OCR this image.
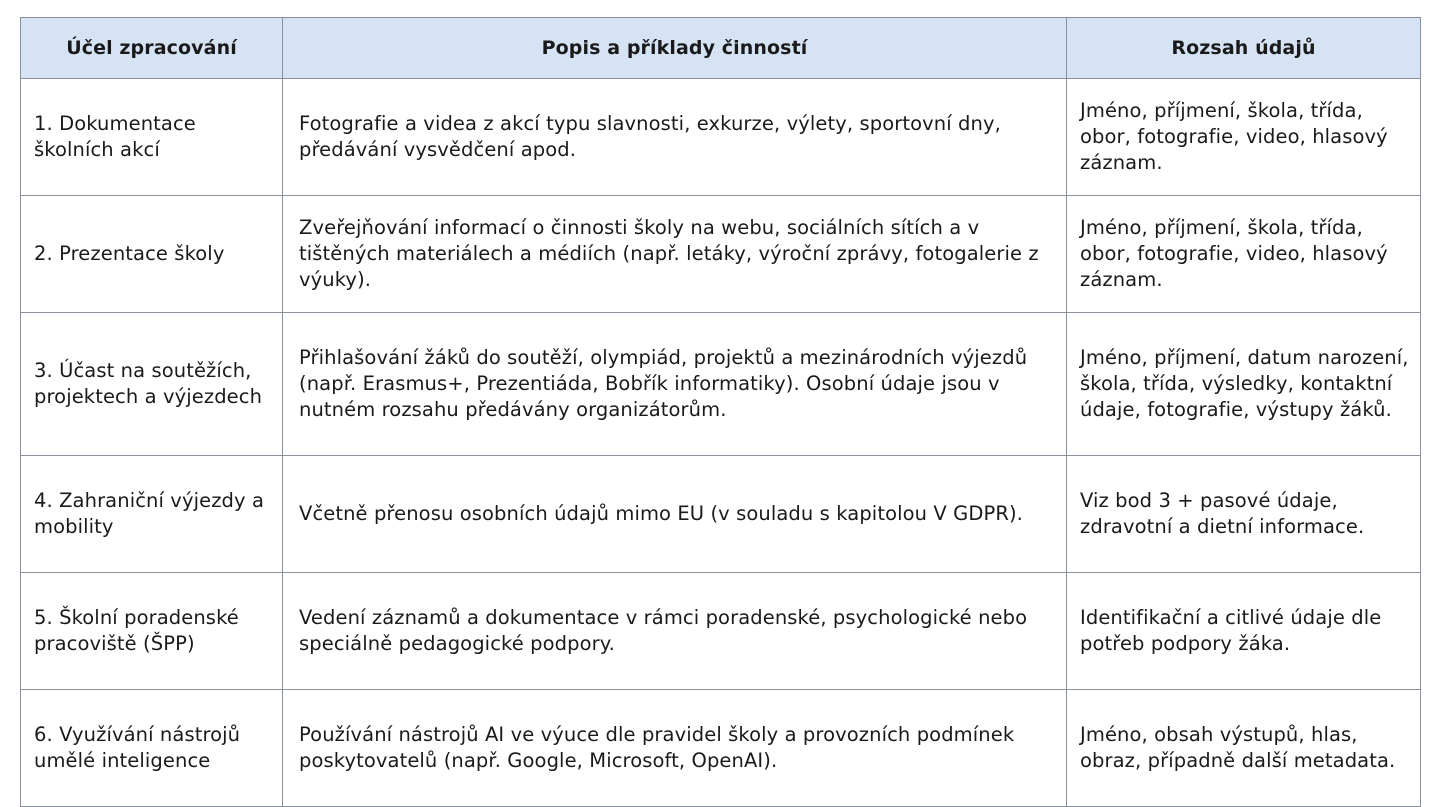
Účel zpracování	Popis a příklady činností	Rozsah údajů
1. Dokumentace školních akcí	Fotografie a videa z akcí typu slavnosti, exkurze, výlety, sportovní dny, předávání vysvědčení apod.	Jméno, příjmení, škola, třída, obor, fotografie, video, hlasový záznam.
2. Prezentace školy	Zveřejňování informací o činnosti školy na webu, sociálních sítích a v tištěných materiálech a médiích (např. letáky, výroční zprávy, fotogalerie z výuky).	Jméno, příjmení, škola, třída, obor, fotografie, video, hlasový záznam.
3. Účast na soutěžích, projektech a výjezdech	Přihlašování žáků do soutěží, olympiád, projektů a mezinárodních výjezdů (např. Erasmus+, Prezentiáda, Bobřík informatiky). Osobní údaje jsou v nutném rozsahu předávány organizátorům.	Jméno, příjmení, datum narození, škola, třída, výsledky, kontaktní údaje, fotografie, výstupy žáků.
4. Zahraniční výjezdy a mobility	Včetně přenosu osobních údajů mimo EU (v souladu s kapitolou V GDPR).	Viz bod 3 + pasové údaje, zdravotní a dietní informace.
5. Školní poradenské pracoviště (ŠPP)	Vedení záznamů a dokumentace v rámci poradenské, psychologické nebo speciálně pedagogické podpory.	Identifikační a citlivé údaje dle potřeb podpory žáka.
6. Využívání nástrojů umělé inteligence	Používání nástrojů AI ve výuce dle pravidel školy a provozních podmínek poskytovatelů (např. Google, Microsoft, OpenAI).	Jméno, obsah výstupů, hlas, obraz, případně další metadata.
